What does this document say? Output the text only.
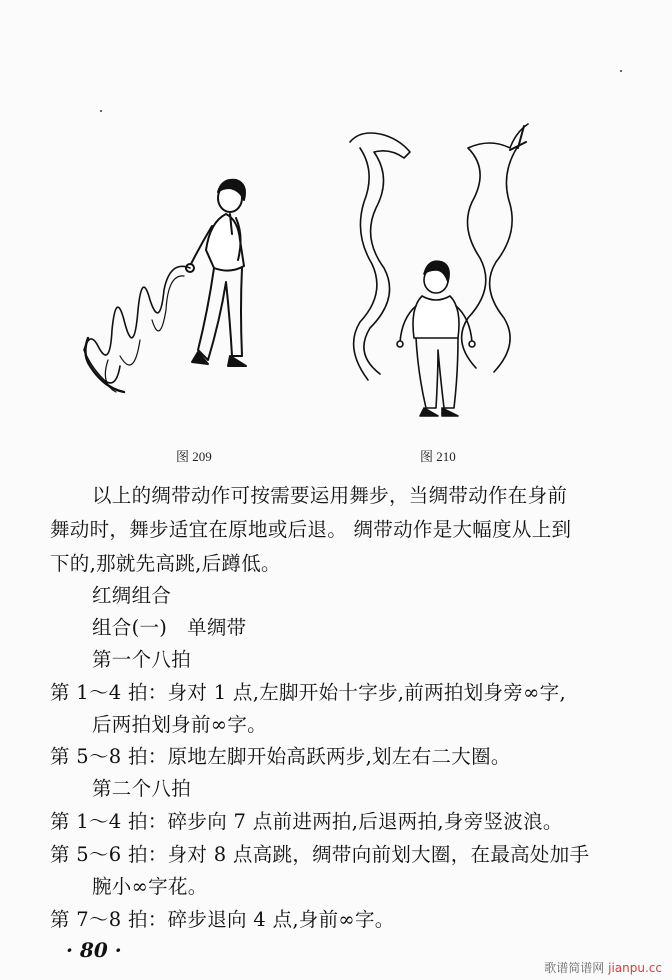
图 209	图 210
以上的绸带动作可按需要运用舞步，当绸带动作在身前
舞动时，舞步适宜在原地或后退。 绸带动作是大幅度从上到
下的,那就先高跳,后蹲低。
红绸组合
组合(一)　单绸带
第一个八拍
第 1～4 拍：身对 1 点,左脚开始十字步,前两拍划身旁∞字,
后两拍划身前∞字。
第 5～8 拍：原地左脚开始高跃两步,划左右二大圈。
第二个八拍
第 1～4 拍：碎步向 7 点前进两拍,后退两拍,身旁竖波浪。
第 5～6 拍：身对 8 点高跳，绸带向前划大圈，在最高处加手
腕小∞字花。
第 7～8 拍：碎步退向 4 点,身前∞字。
· 80 ·
歌谱简谱网 jianpu.cc
